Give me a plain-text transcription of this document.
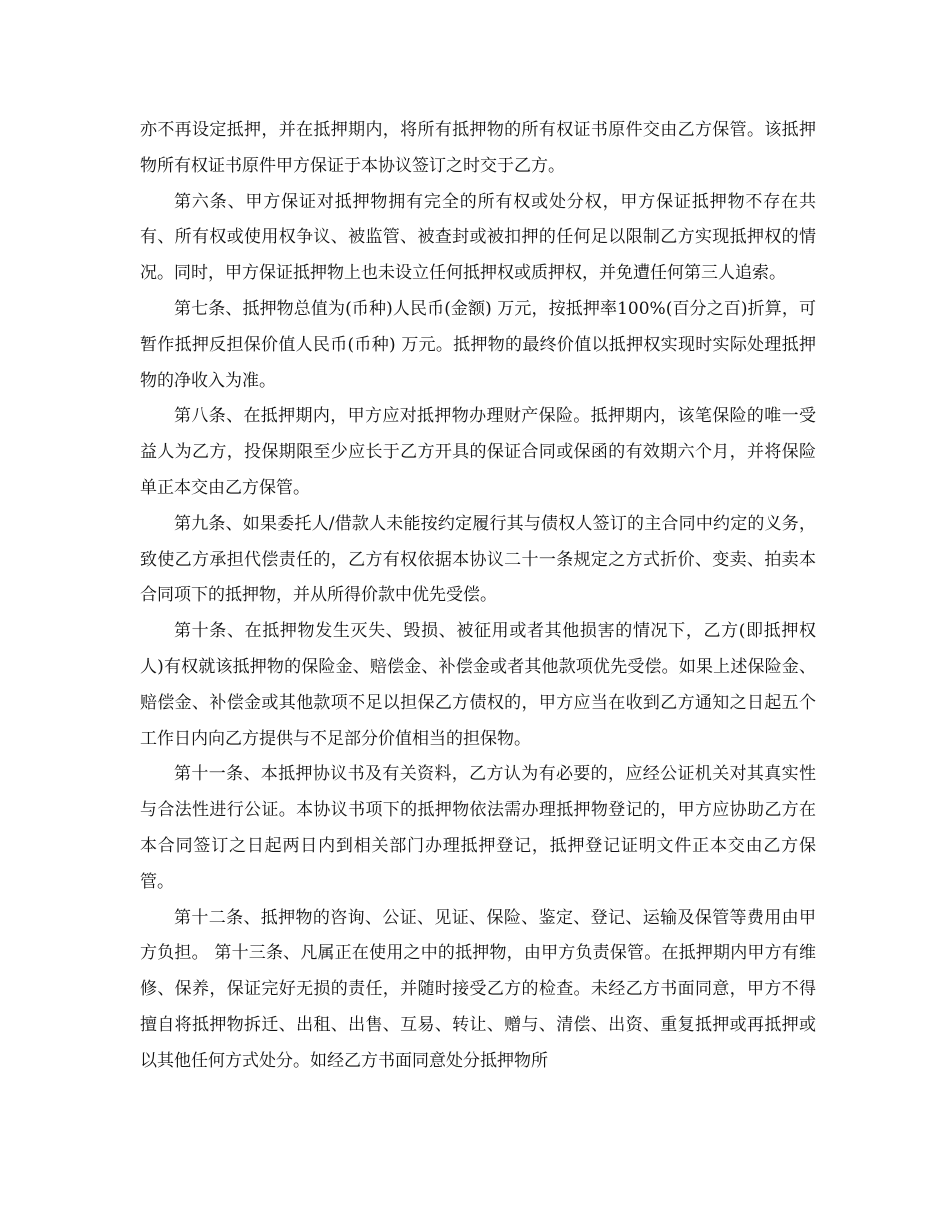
亦不再设定抵押，并在抵押期内，将所有抵押物的所有权证书原件交由乙方保管。该抵押物所有权证书原件甲方保证于本协议签订之时交于乙方。

第六条、甲方保证对抵押物拥有完全的所有权或处分权，甲方保证抵押物不存在共有、所有权或使用权争议、被监管、被查封或被扣押的任何足以限制乙方实现抵押权的情况。同时，甲方保证抵押物上也未设立任何抵押权或质押权，并免遭任何第三人追索。

第七条、抵押物总值为(币种)人民币(金额) 万元，按抵押率100%(百分之百)折算，可暂作抵押反担保价值人民币(币种) 万元。抵押物的最终价值以抵押权实现时实际处理抵押物的净收入为准。

第八条、在抵押期内，甲方应对抵押物办理财产保险。抵押期内，该笔保险的唯一受益人为乙方，投保期限至少应长于乙方开具的保证合同或保函的有效期六个月，并将保险单正本交由乙方保管。

第九条、如果委托人/借款人未能按约定履行其与债权人签订的主合同中约定的义务，致使乙方承担代偿责任的，乙方有权依据本协议二十一条规定之方式折价、变卖、拍卖本合同项下的抵押物，并从所得价款中优先受偿。

第十条、在抵押物发生灭失、毁损、被征用或者其他损害的情况下，乙方(即抵押权人)有权就该抵押物的保险金、赔偿金、补偿金或者其他款项优先受偿。如果上述保险金、赔偿金、补偿金或其他款项不足以担保乙方债权的，甲方应当在收到乙方通知之日起五个工作日内向乙方提供与不足部分价值相当的担保物。

第十一条、本抵押协议书及有关资料，乙方认为有必要的，应经公证机关对其真实性与合法性进行公证。本协议书项下的抵押物依法需办理抵押物登记的，甲方应协助乙方在本合同签订之日起两日内到相关部门办理抵押登记，抵押登记证明文件正本交由乙方保管。

第十二条、抵押物的咨询、公证、见证、保险、鉴定、登记、运输及保管等费用由甲方负担。 第十三条、凡属正在使用之中的抵押物，由甲方负责保管。在抵押期内甲方有维修、保养，保证完好无损的责任，并随时接受乙方的检查。未经乙方书面同意，甲方不得擅自将抵押物拆迁、出租、出售、互易、转让、赠与、清偿、出资、重复抵押或再抵押或以其他任何方式处分。如经乙方书面同意处分抵押物所
